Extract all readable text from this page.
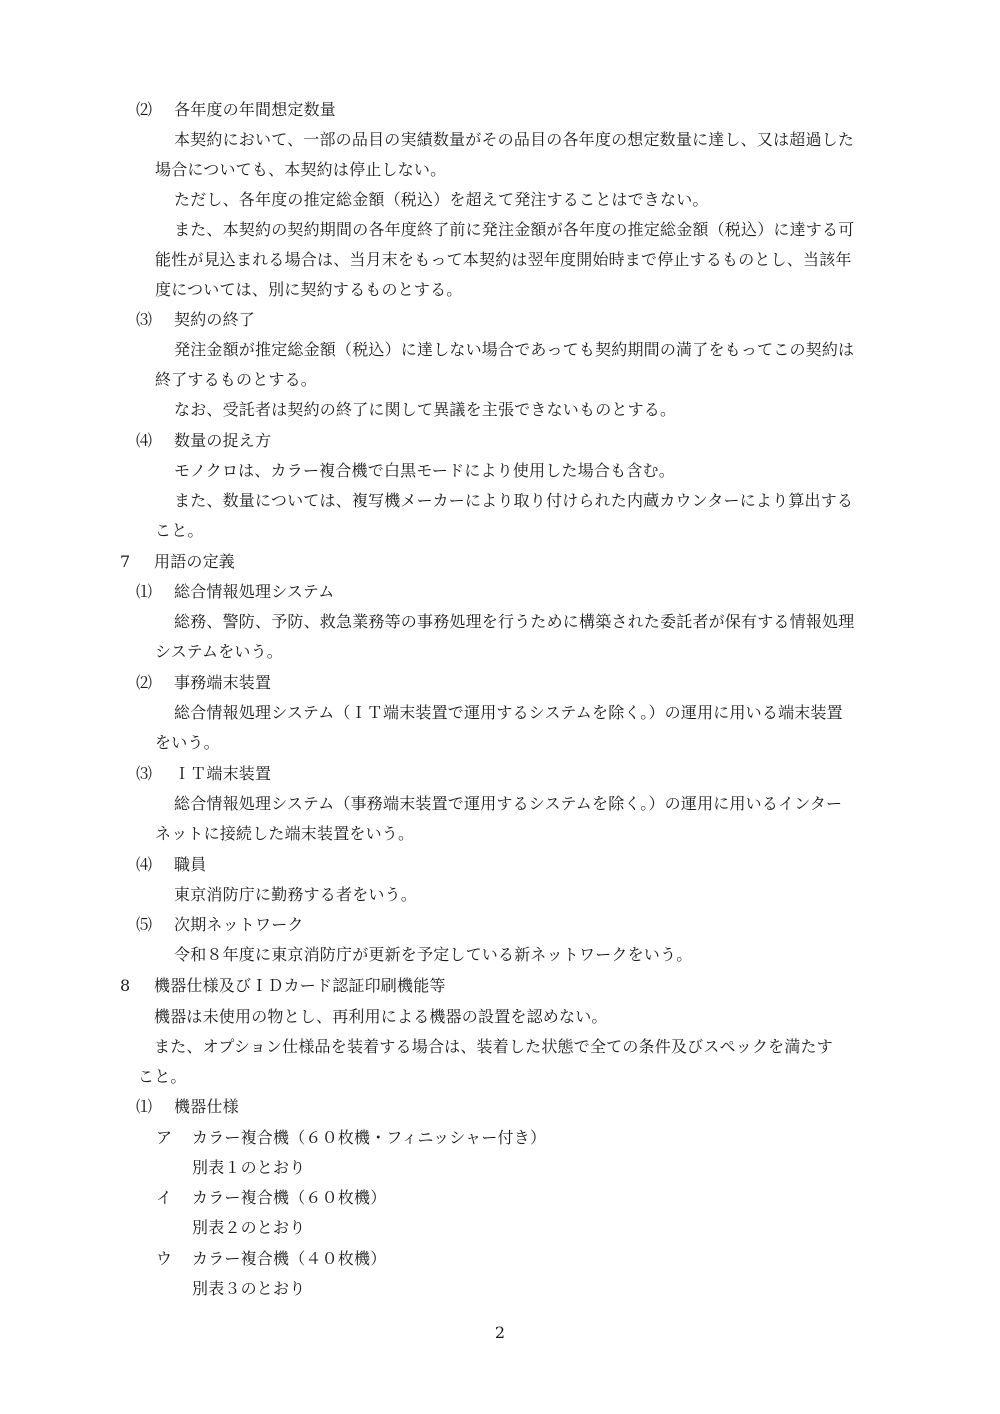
⑵ 各年度の年間想定数量
本契約において、一部の品目の実績数量がその品目の各年度の想定数量に達し、又は超過した
場合についても、本契約は停止しない。
ただし、各年度の推定総金額（税込）を超えて発注することはできない。
また、本契約の契約期間の各年度終了前に発注金額が各年度の推定総金額（税込）に達する可
能性が見込まれる場合は、当月末をもって本契約は翌年度開始時まで停止するものとし、当該年
度については、別に契約するものとする。
⑶ 契約の終了
発注金額が推定総金額（税込）に達しない場合であっても契約期間の満了をもってこの契約は
終了するものとする。
なお、受託者は契約の終了に関して異議を主張できないものとする。
⑷ 数量の捉え方
モノクロは、カラー複合機で白黒モードにより使用した場合も含む。
また、数量については、複写機メーカーにより取り付けられた内蔵カウンターにより算出する
こと。
7 用語の定義
⑴ 総合情報処理システム
総務、警防、予防、救急業務等の事務処理を行うために構築された委託者が保有する情報処理
システムをいう。
⑵ 事務端末装置
総合情報処理システム（ＩＴ端末装置で運用するシステムを除く。）の運用に用いる端末装置
をいう。
⑶ ＩＴ端末装置
総合情報処理システム（事務端末装置で運用するシステムを除く。）の運用に用いるインター
ネットに接続した端末装置をいう。
⑷ 職員
東京消防庁に勤務する者をいう。
⑸ 次期ネットワーク
令和８年度に東京消防庁が更新を予定している新ネットワークをいう。
8 機器仕様及びＩＤカード認証印刷機能等
機器は未使用の物とし、再利用による機器の設置を認めない。
また、オプション仕様品を装着する場合は、装着した状態で全ての条件及びスペックを満たす
こと。
⑴ 機器仕様
ア カラー複合機（６０枚機・フィニッシャー付き）
別表１のとおり
イ カラー複合機（６０枚機）
別表２のとおり
ウ カラー複合機（４０枚機）
別表３のとおり
2
